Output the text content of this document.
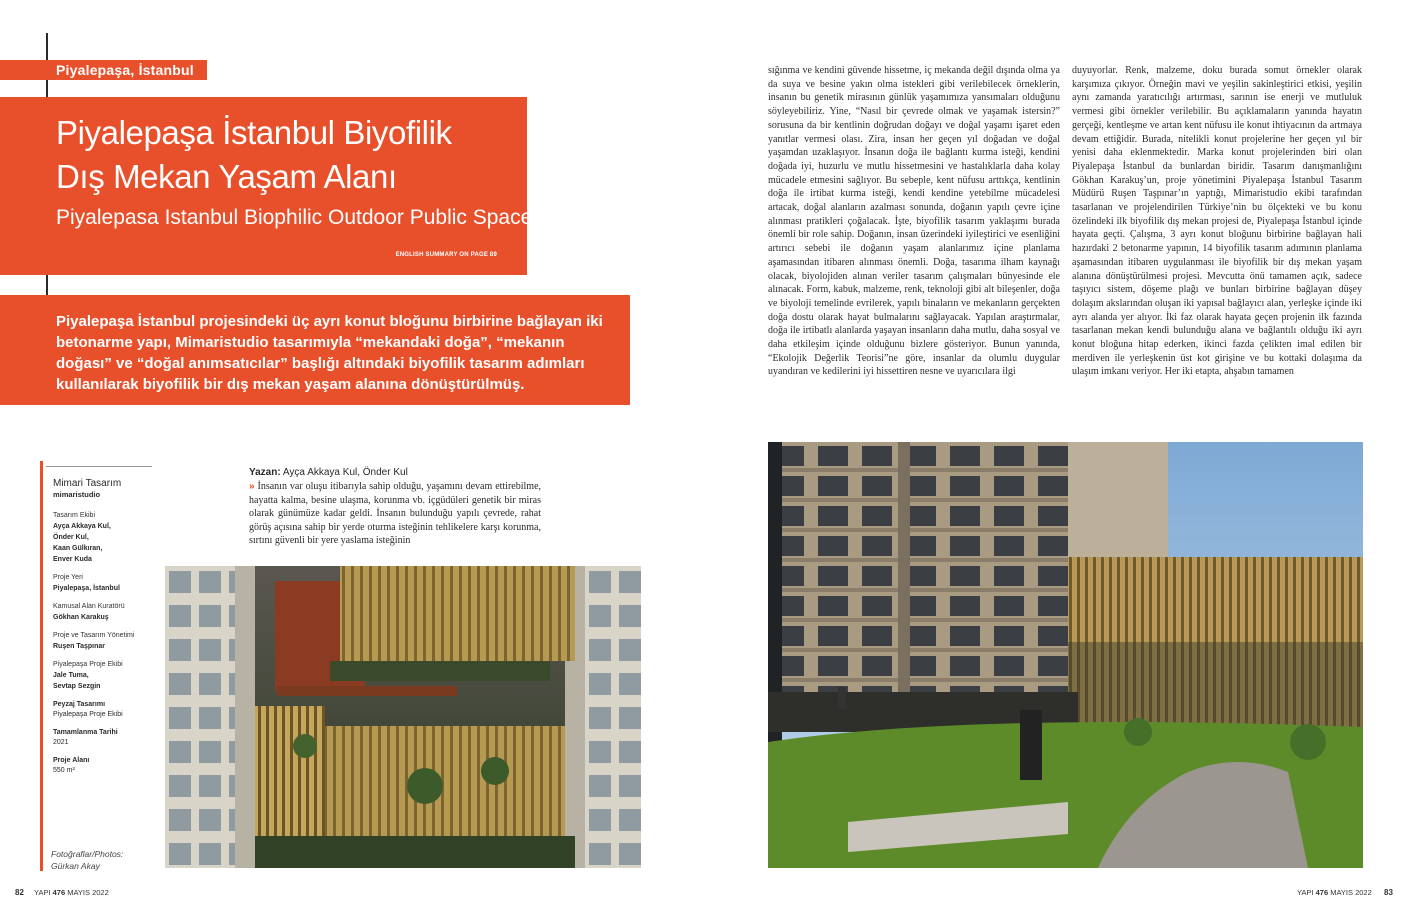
Piyalepaşa, İstanbul
Piyalepaşa İstanbul Biyofilik
Dış Mekan Yaşam Alanı
Piyalepasa Istanbul Biophilic Outdoor Public Space
ENGLISH SUMMARY ON PAGE 89
Piyalepaşa İstanbul projesindeki üç ayrı konut bloğunu birbirine bağlayan iki betonarme yapı, Mimaristudio tasarımıyla “mekandaki doğa”, “mekanın doğası” ve “doğal anımsatıcılar” başlığı altındaki biyofilik tasarım adımları kullanılarak biyofilik bir dış mekan yaşam alanına dönüştürülmüş.
Mimari Tasarım
mimaristudio
Tasarım Ekibi
Ayça Akkaya Kul,
Önder Kul,
Kaan Gülkıran,
Enver Kuda
Proje Yeri
Piyalepaşa, İstanbul
Kamusal Alan Kuratörü
Gökhan Karakuş
Proje ve Tasarım Yönetimi
Ruşen Taşpınar
Piyalepaşa Proje Ekibi
Jale Tuma,
Sevtap Sezgin
Peyzaj Tasarımı
Piyalepaşa Proje Ekibi
Tamamlanma Tarihi
2021
Proje Alanı
550 m²
Fotoğraflar/Photos:
Gürkan Akay
Yazan: Ayça Akkaya Kul, Önder Kul
» İnsanın var oluşu itibarıyla sahip olduğu, yaşamını devam ettirebilme, hayatta kalma, besine ulaşma, korunma vb. içgüdüleri genetik bir miras olarak günümüze kadar geldi. İnsanın bulunduğu yapılı çevrede, rahat görüş açısına sahip bir yerde oturma isteğinin tehlikelere karşı korunma, sırtını güvenli bir yere yaslama isteğinin
82 YAPI 476 MAYIS 2022

sığınma ve kendini güvende hissetme, iç mekanda değil dışında olma ya da suya ve besine yakın olma istekleri gibi verilebilecek örneklerin, insanın bu genetik mirasının günlük yaşamımıza yansımaları olduğunu söyleyebiliriz. Yine, “Nasıl bir çevrede olmak ve yaşamak istersin?” sorusuna da bir kentlinin doğrudan doğayı ve doğal yaşamı işaret eden yanıtlar vermesi olası. Zira, insan her geçen yıl doğadan ve doğal yaşamdan uzaklaşıyor. İnsanın doğa ile bağlantı kurma isteği, kendini doğada iyi, huzurlu ve mutlu hissetmesini ve hastalıklarla daha kolay mücadele etmesini sağlıyor. Bu sebeple, kent nüfusu arttıkça, kentlinin doğa ile irtibat kurma isteği, kendi kendine yetebilme mücadelesi artacak, doğal alanların azalması sonunda, doğanın yapılı çevre içine alınması pratikleri çoğalacak. İşte, biyofilik tasarım yaklaşımı burada önemli bir role sahip. Doğanın, insan üzerindeki iyileştirici ve esenliğini artırıcı sebebi ile doğanın yaşam alanlarımız içine planlama aşamasından itibaren alınması önemli. Doğa, tasarıma ilham kaynağı olacak, biyolojiden alınan veriler tasarım çalışmaları bünyesinde ele alınacak. Form, kabuk, malzeme, renk, teknoloji gibi alt bileşenler, doğa ve biyoloji temelinde evrilerek, yapılı binaların ve mekanların gerçekten doğa dostu olarak hayat bulmalarını sağlayacak. Yapılan araştırmalar, doğa ile irtibatlı alanlarda yaşayan insanların daha mutlu, daha sosyal ve daha etkileşim içinde olduğunu bizlere gösteriyor. Bunun yanında, “Ekolojik Değerlik Teorisi”ne göre, insanlar da olumlu duygular uyandıran ve kedilerini iyi hissettiren nesne ve uyarıcılara ilgi

duyuyorlar. Renk, malzeme, doku burada somut örnekler olarak karşımıza çıkıyor. Örneğin mavi ve yeşilin sakinleştirici etkisi, yeşilin aynı zamanda yaratıcılığı artırması, sarının ise enerji ve mutluluk vermesi gibi örnekler verilebilir. Bu açıklamaların yanında hayatın gerçeği, kentleşme ve artan kent nüfusu ile konut ihtiyacının da artmaya devam ettiğidir. Burada, nitelikli konut projelerine her geçen yıl bir yenisi daha eklenmektedir. Marka konut projelerinden biri olan Piyalepaşa İstanbul da bunlardan biridir. Tasarım danışmanlığını Gökhan Karakuş’un, proje yönetimini Piyalepaşa İstanbul Tasarım Müdürü Ruşen Taşpınar’ın yaptığı, Mimaristudio ekibi tarafından tasarlanan ve projelendirilen Türkiye’nin bu ölçekteki ve bu konu özelindeki ilk biyofilik dış mekan projesi de, Piyalepaşa İstanbul içinde hayata geçti. Çalışma, 3 ayrı konut bloğunu birbirine bağlayan hali hazırdaki 2 betonarme yapının, 14 biyofilik tasarım adımının planlama aşamasından itibaren uygulanması ile biyofilik bir dış mekan yaşam alanına dönüştürülmesi projesi. Mevcutta önü tamamen açık, sadece taşıyıcı sistem, döşeme plağı ve bunları birbirine bağlayan düşey dolaşım akslarından oluşan iki yapısal bağlayıcı alan, yerleşke içinde iki ayrı alanda yer alıyor. İki faz olarak hayata geçen projenin ilk fazında tasarlanan mekan kendi bulunduğu alana ve bağlantılı olduğu iki ayrı konut bloğuna hitap ederken, ikinci fazda çelikten imal edilen bir merdiven ile yerleşkenin üst kot girişine ve bu kottaki dolaşıma da ulaşım imkanı veriyor. Her iki etapta, ahşabın tamamen

YAPI 476 MAYIS 2022 83
